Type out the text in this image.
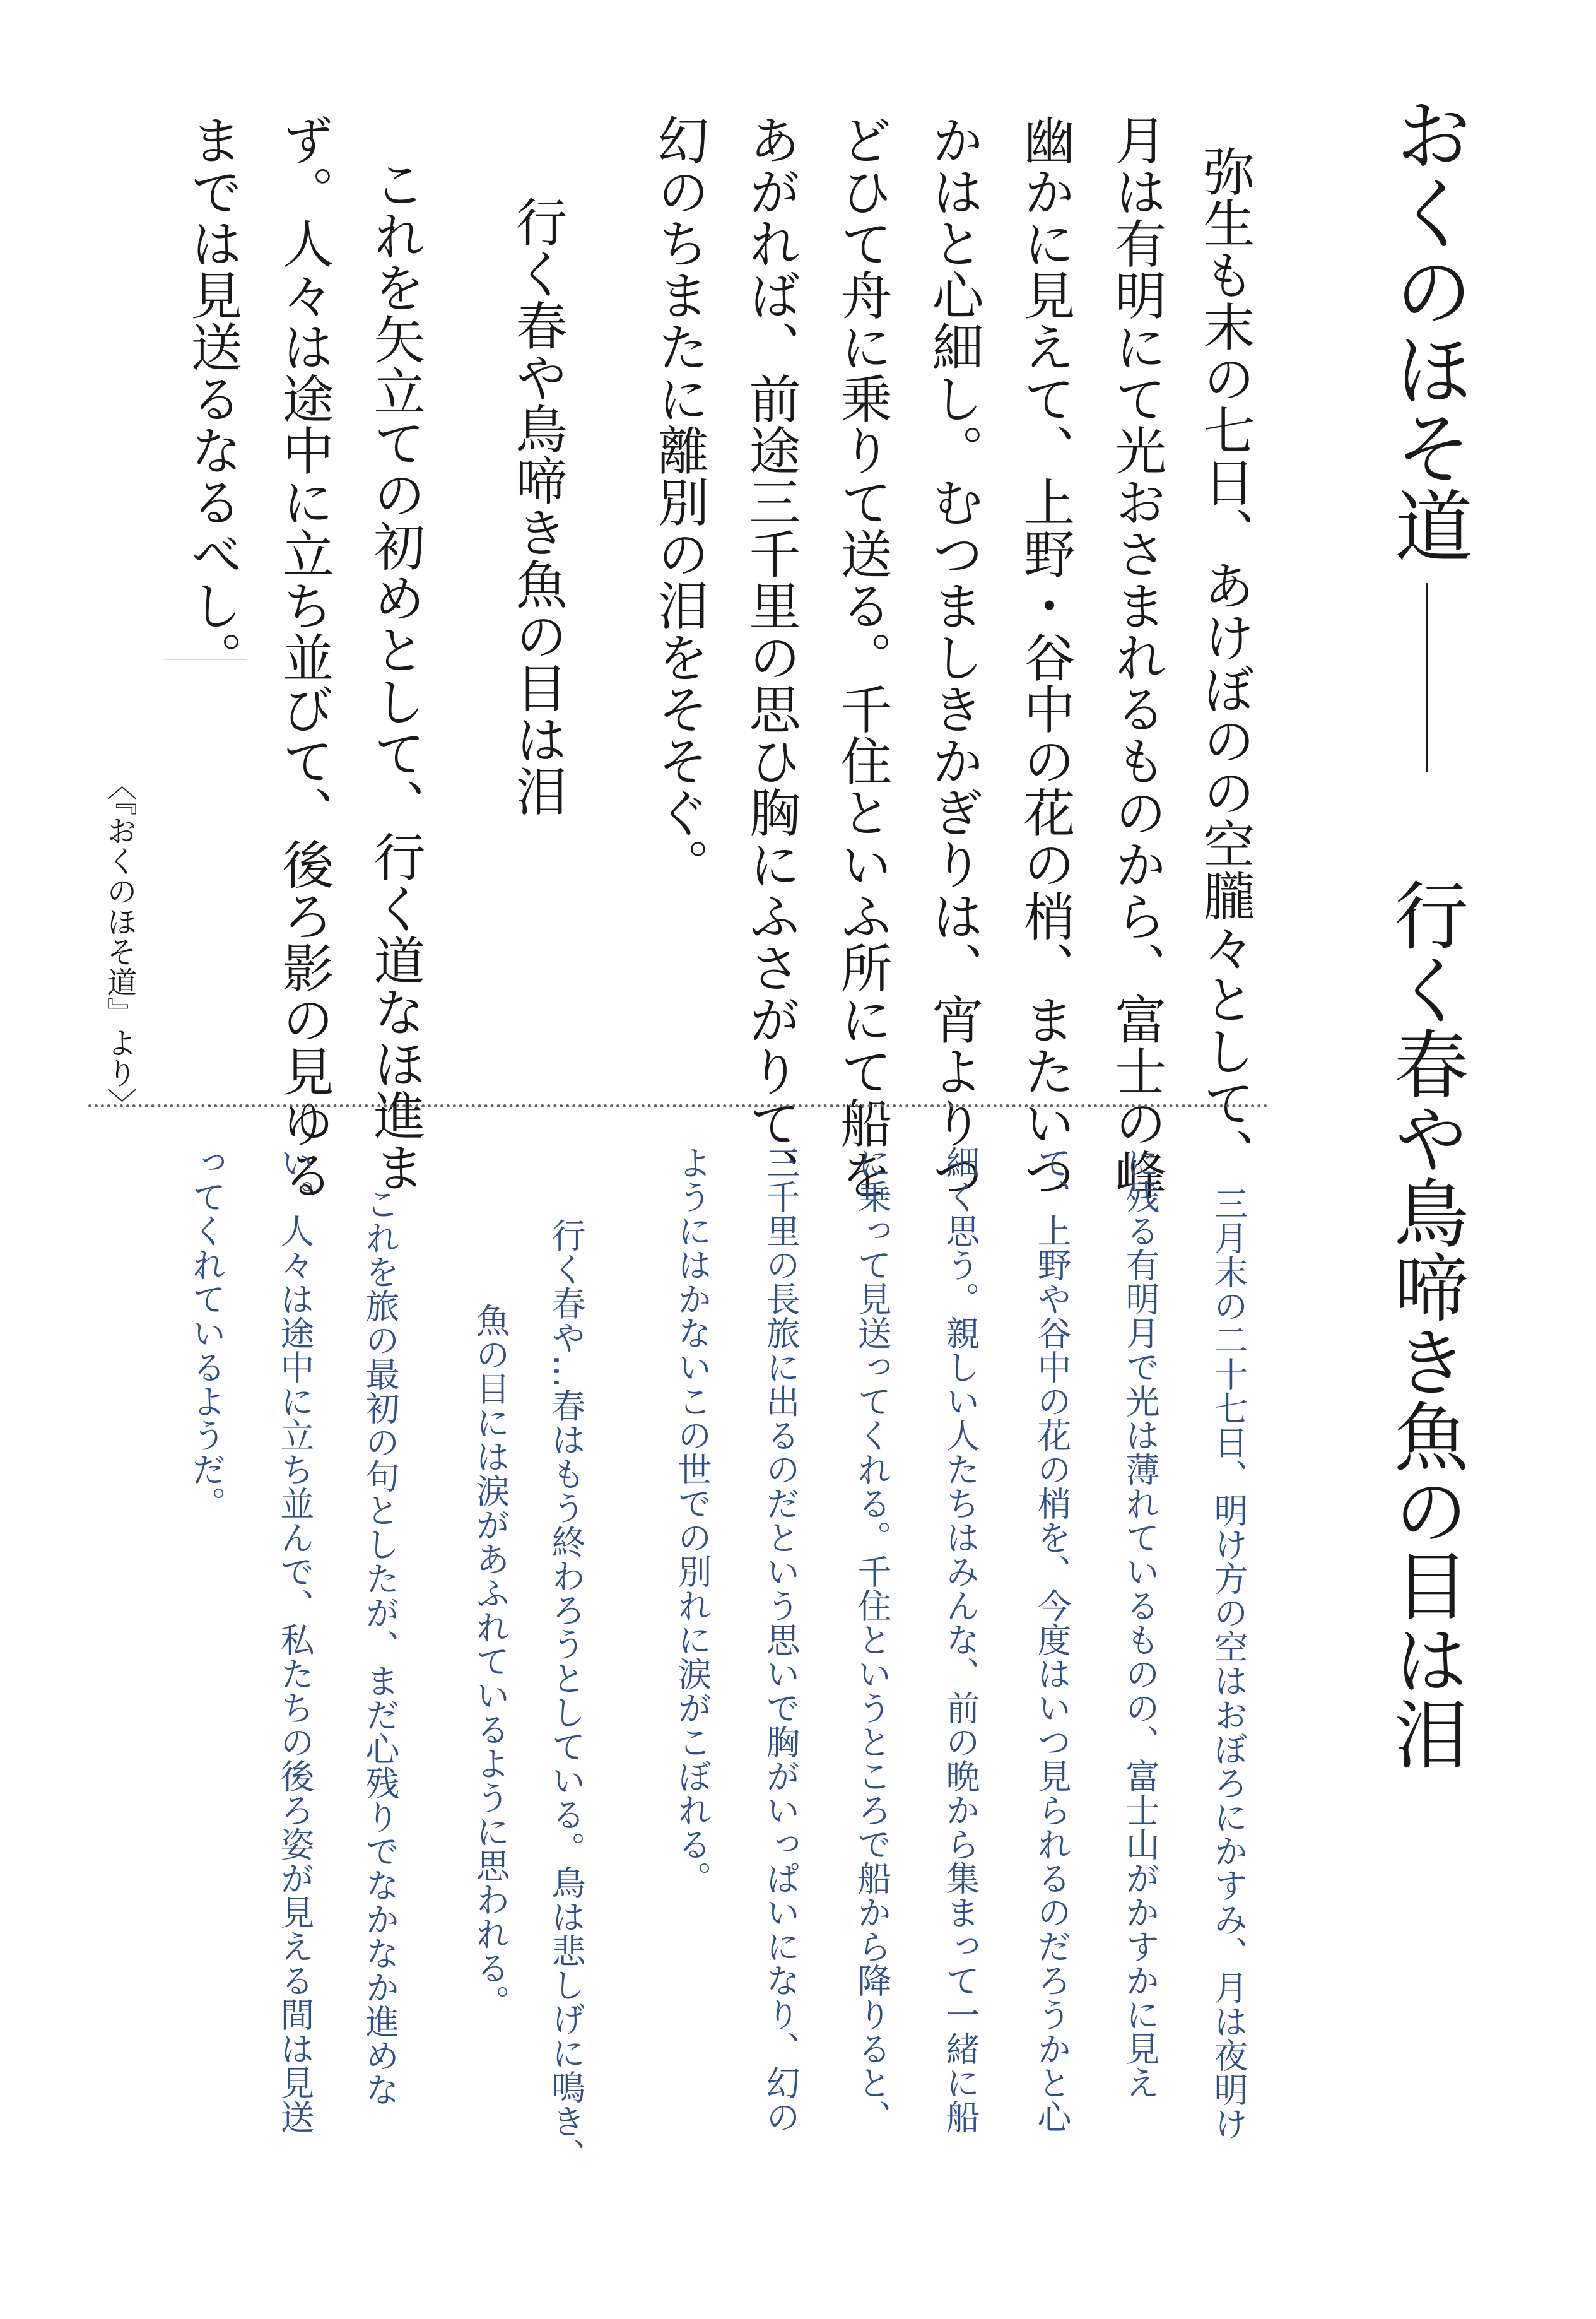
おくのほそ道
行く春や鳥啼き魚の目は泪
弥生も末の七日、あけぼのの空朧々として、
月は有明にて光おさまれるものから、富士の峰
幽かに見えて、上野・谷中の花の梢、またいつ
かはと心細し。むつましきかぎりは、宵よりつ
どひて舟に乗りて送る。千住といふ所にて船を
あがれば、前途三千里の思ひ胸にふさがりて、
幻のちまたに離別の泪をそそぐ。
行く春や鳥啼き魚の目は泪
これを矢立ての初めとして、行く道なほ進ま
ず。人々は途中に立ち並びて、後ろ影の見ゆる
までは見送るなるべし。
〈『おくのほそ道』より〉
三月末の二十七日、明け方の空はおぼろにかすみ、月は夜明け
に残る有明月で光は薄れているものの、富士山がかすかに見え
て、上野や谷中の花の梢を、今度はいつ見られるのだろうかと心
細く思う。親しい人たちはみんな、前の晩から集まって一緒に船
に乗って見送ってくれる。千住というところで船から降りると、
三千里の長旅に出るのだという思いで胸がいっぱいになり、幻の
ようにはかないこの世での別れに涙がこぼれる。
行く春や…春はもう終わろうとしている。鳥は悲しげに鳴き、
魚の目には涙があふれているように思われる。
これを旅の最初の句としたが、まだ心残りでなかなか進めな
い。人々は途中に立ち並んで、私たちの後ろ姿が見える間は見送
ってくれているようだ。
